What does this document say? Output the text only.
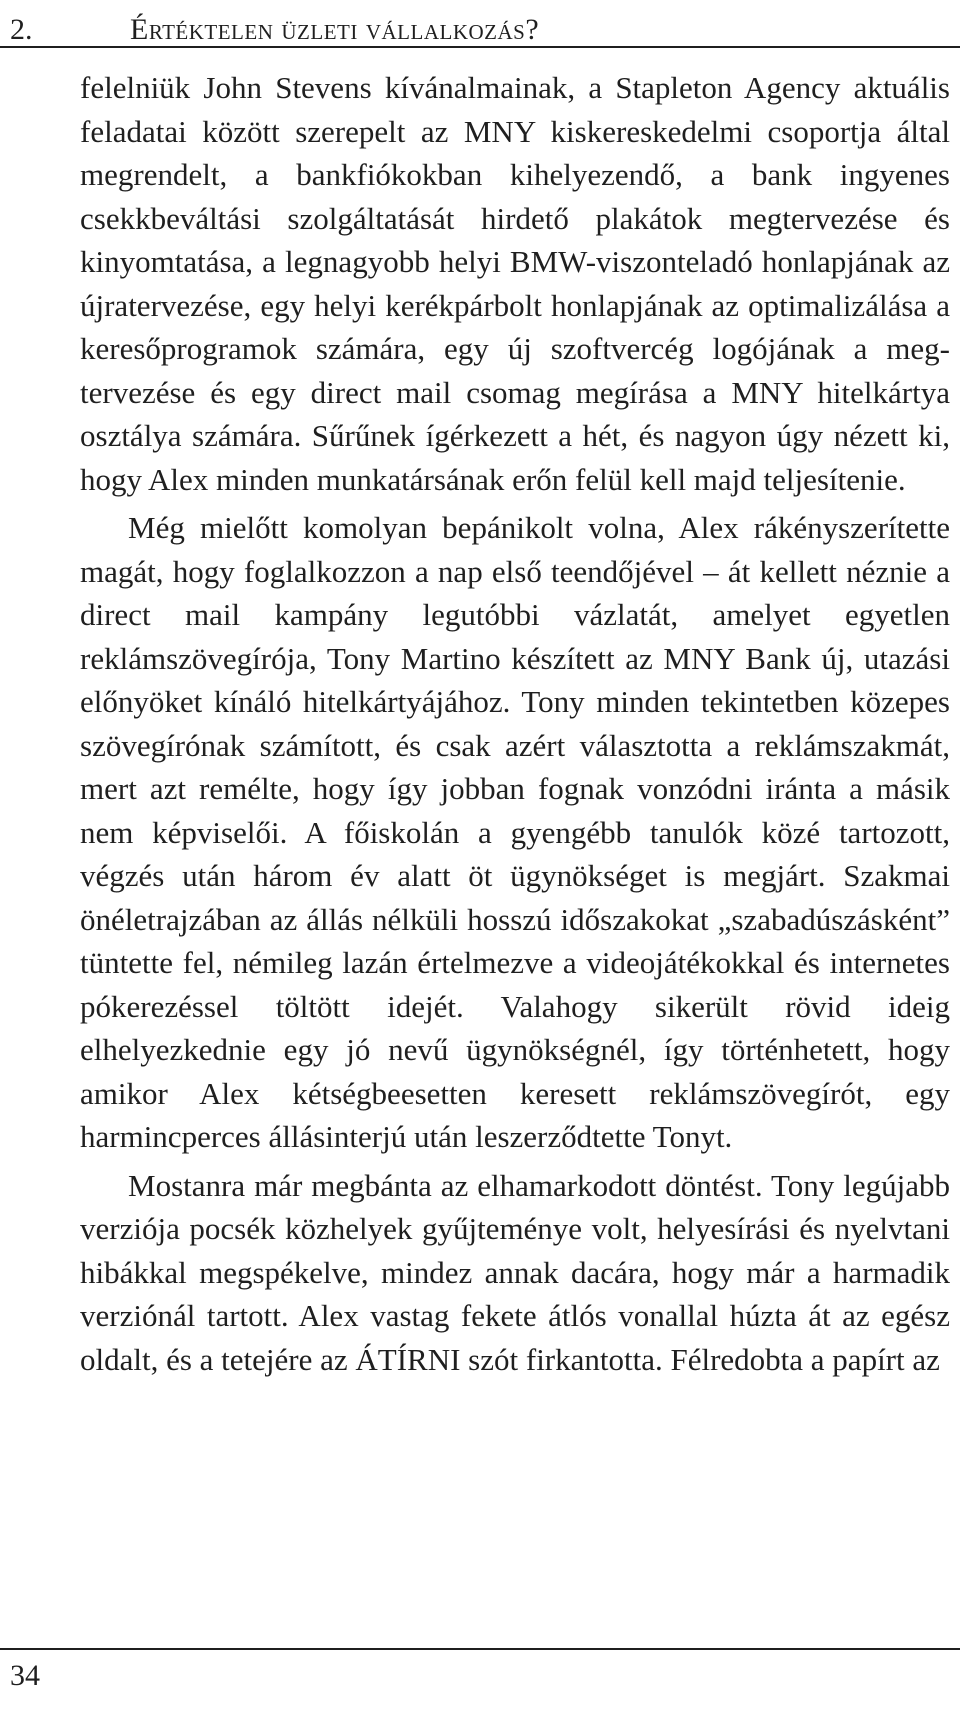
2.	Értéktelen üzleti vállalkozás?

felelniük John Stevens kívánalmainak, a Stapleton Agency aktuális feladatai között szerepelt az MNY kiskereskedelmi csoportja által megrendelt, a bankfiókokban kihelyezendő, a bank ingyenes csekkbeváltási szolgáltatását hirdető plakátok megtervezése és kinyomtatása, a legnagyobb helyi BMW-viszonteladó honlapjának az újratervezése, egy helyi kerékpárbolt honlapjának az optimalizálása a keresőprogramok számára, egy új szoftvercég logójának a megtervezése és egy direct mail csomag megírása a MNY hitelkártya osztálya számára. Sűrűnek ígérkezett a hét, és nagyon úgy nézett ki, hogy Alex minden munkatársának erőn felül kell majd teljesítenie.

Még mielőtt komolyan bepánikolt volna, Alex rákényszerítette magát, hogy foglalkozzon a nap első teendőjével – át kellett néznie a direct mail kampány legutóbbi vázlatát, amelyet egyetlen reklámszövegírója, Tony Martino készített az MNY Bank új, utazási előnyöket kínáló hitelkártyájához. Tony minden tekintetben közepes szövegírónak számított, és csak azért választotta a reklámszakmát, mert azt remélte, hogy így jobban fognak vonzódni iránta a másik nem képviselői. A főiskolán a gyengébb tanulók közé tartozott, végzés után három év alatt öt ügynökséget is megjárt. Szakmai önéletrajzában az állás nélküli hosszú időszakokat „szabadúszásként” tüntette fel, némileg lazán értelmezve a videojátékokkal és internetes pókerezéssel töltött idejét. Valahogy sikerült rövid ideig elhelyezkednie egy jó nevű ügynökségnél, így történhetett, hogy amikor Alex kétségbeesetten keresett reklámszövegírót, egy harmincperces állásinterjú után leszerződtette Tonyt.

Mostanra már megbánta az elhamarkodott döntést. Tony legújabb verziója pocsék közhelyek gyűjteménye volt, helyesírási és nyelvtani hibákkal megspékelve, mindez annak dacára, hogy már a harmadik verziónál tartott. Alex vastag fekete átlós vonallal húzta át az egész oldalt, és a tetejére az ÁTÍRNI szót firkantotta. Félredobta a papírt az

34
